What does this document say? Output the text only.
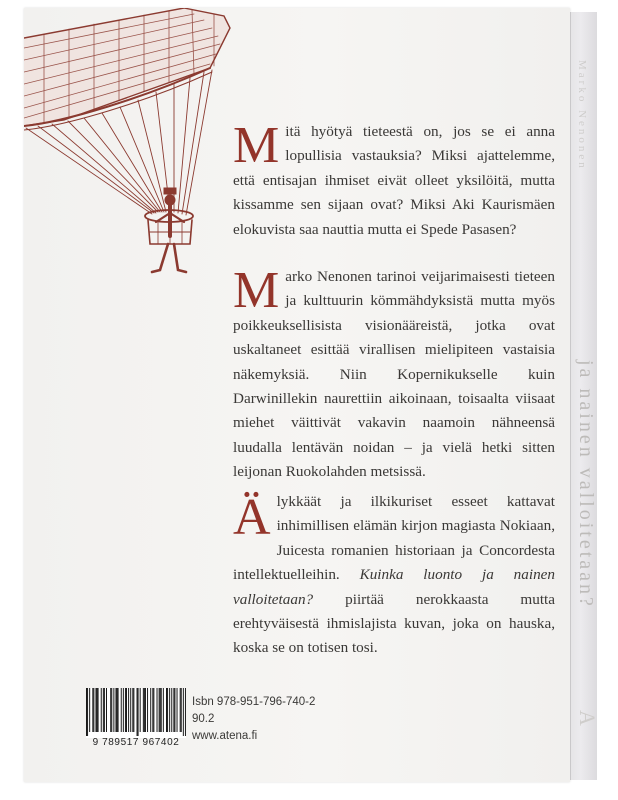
Marko Nenonen
ja nainen valloitetaan?
A
Mitä hyötyä tieteestä on, jos se ei anna lopullisia vastauksia? Miksi ajattelemme, että entisajan ihmiset eivät olleet yksilöitä, mutta kissamme sen sijaan ovat? Miksi Aki Kaurismäen elokuvista saa nauttia mutta ei Spede Pasasen?
Marko Nenonen tarinoi veijarimaisesti tieteen ja kulttuurin kömmähdyksistä mutta myös poikkeuksellisista visionääreistä, jotka ovat uskaltaneet esittää virallisen mielipiteen vastaisia näkemyksiä. Niin Kopernikukselle kuin Darwinillekin naurettiin aikoinaan, toisaalta viisaat miehet väittivät vakavin naamoin nähneensä luudalla lentävän noidan – ja vielä hetki sitten leijonan Ruokolahden metsissä.
Älykkäät ja ilkikuriset esseet kattavat inhimillisen elämän kirjon magiasta Nokiaan, Juicesta romanien historiaan ja Concordesta intellektuelleihin. Kuinka luonto ja nainen valloitetaan? piirtää nerokkaasta mutta erehtyväisestä ihmislajista kuvan, joka on hauska, koska se on totisen tosi.
9 789517 967402
Isbn 978-951-796-740-2
90.2
www.atena.fi
